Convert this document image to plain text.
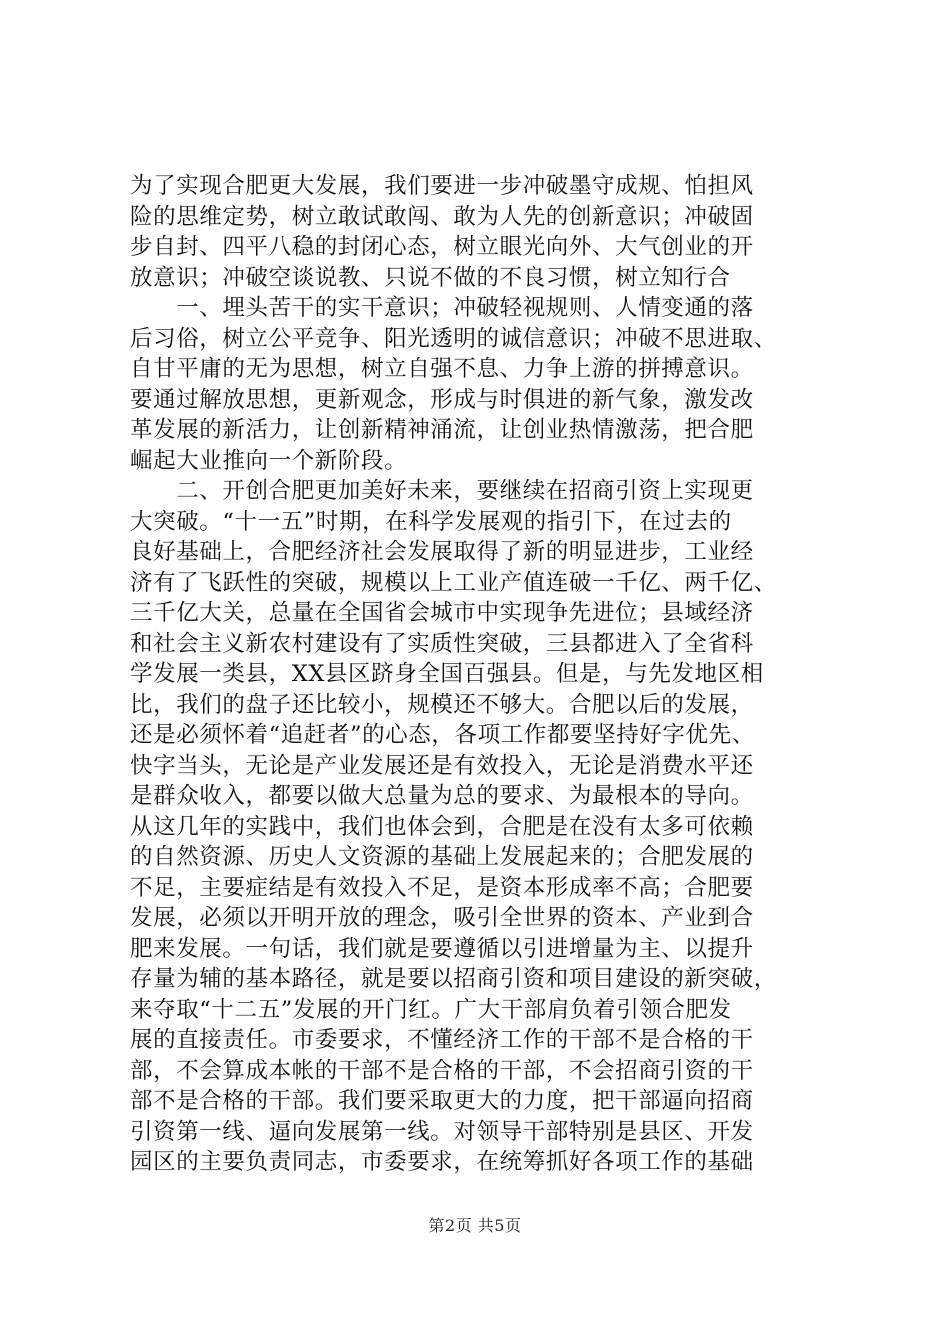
为了实现合肥更大发展，我们要进一步冲破墨守成规、怕担风
险的思维定势，树立敢试敢闯、敢为人先的创新意识；冲破固
步自封、四平八稳的封闭心态，树立眼光向外、大气创业的开
放意识；冲破空谈说教、只说不做的不良习惯，树立知行合
　　一、埋头苦干的实干意识；冲破轻视规则、人情变通的落
后习俗，树立公平竞争、阳光透明的诚信意识；冲破不思进取、
自甘平庸的无为思想，树立自强不息、力争上游的拼搏意识。
要通过解放思想，更新观念，形成与时俱进的新气象，激发改
革发展的新活力，让创新精神涌流，让创业热情激荡，把合肥
崛起大业推向一个新阶段。
　　二、开创合肥更加美好未来，要继续在招商引资上实现更
大突破。“十一五”时期，在科学发展观的指引下，在过去的
良好基础上，合肥经济社会发展取得了新的明显进步，工业经
济有了飞跃性的突破，规模以上工业产值连破一千亿、两千亿、
三千亿大关，总量在全国省会城市中实现争先进位；县域经济
和社会主义新农村建设有了实质性突破，三县都进入了全省科
学发展一类县，XX县区跻身全国百强县。但是，与先发地区相
比，我们的盘子还比较小，规模还不够大。合肥以后的发展，
还是必须怀着“追赶者”的心态，各项工作都要坚持好字优先、
快字当头，无论是产业发展还是有效投入，无论是消费水平还
是群众收入，都要以做大总量为总的要求、为最根本的导向。
从这几年的实践中，我们也体会到，合肥是在没有太多可依赖
的自然资源、历史人文资源的基础上发展起来的；合肥发展的
不足，主要症结是有效投入不足，是资本形成率不高；合肥要
发展，必须以开明开放的理念，吸引全世界的资本、产业到合
肥来发展。一句话，我们就是要遵循以引进增量为主、以提升
存量为辅的基本路径，就是要以招商引资和项目建设的新突破，
来夺取“十二五”发展的开门红。广大干部肩负着引领合肥发
展的直接责任。市委要求，不懂经济工作的干部不是合格的干
部，不会算成本帐的干部不是合格的干部，不会招商引资的干
部不是合格的干部。我们要采取更大的力度，把干部逼向招商
引资第一线、逼向发展第一线。对领导干部特别是县区、开发
园区的主要负责同志，市委要求，在统筹抓好各项工作的基础
第2页 共5页
